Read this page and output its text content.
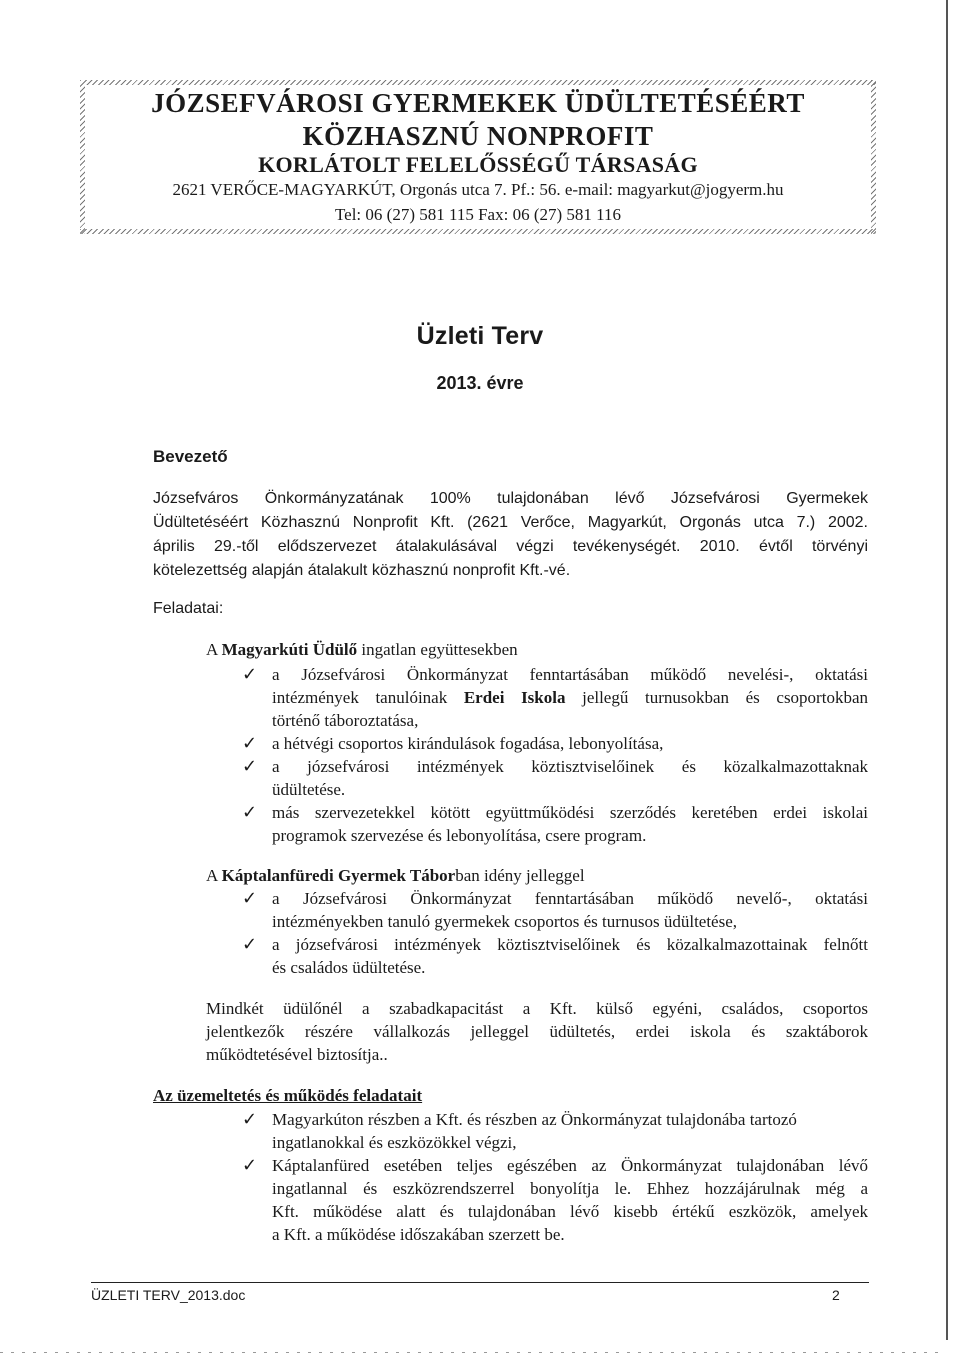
JÓZSEFVÁROSI GYERMEKEK ÜDÜLTETÉSÉÉRT
KÖZHASZNÚ NONPROFIT
KORLÁTOLT FELELŐSSÉGŰ TÁRSASÁG
2621 VERŐCE-MAGYARKÚT, Orgonás utca 7. Pf.: 56. e-mail: magyarkut@jogyerm.hu
Tel: 06 (27) 581 115 Fax: 06 (27) 581 116
Üzleti Terv
2013. évre
Bevezető
Józsefváros Önkormányzatának 100% tulajdonában lévő Józsefvárosi Gyermekek
Üdültetéséért Közhasznú Nonprofit Kft. (2621 Verőce, Magyarkút, Orgonás utca 7.) 2002.
április 29.-től elődszervezet átalakulásával végzi tevékenységét. 2010. évtől törvényi
kötelezettség alapján átalakult közhasznú nonprofit Kft.-vé.
Feladatai:
A Magyarkúti Üdülő ingatlan együttesekben
✓ a Józsefvárosi Önkormányzat fenntartásában működő nevelési-, oktatási
intézmények tanulóinak Erdei Iskola jellegű turnusokban és csoportokban
történő táboroztatása,
✓ a hétvégi csoportos kirándulások fogadása, lebonyolítása,
✓ a józsefvárosi intézmények köztisztviselőinek és közalkalmazottaknak
üdültetése.
✓ más szervezetekkel kötött együttműködési szerződés keretében erdei iskolai
programok szervezése és lebonyolítása, csere program.
A Káptalanfüredi Gyermek Táborban idény jelleggel
✓ a Józsefvárosi Önkormányzat fenntartásában működő nevelő-, oktatási
intézményekben tanuló gyermekek csoportos és turnusos üdültetése,
✓ a józsefvárosi intézmények köztisztviselőinek és közalkalmazottainak felnőtt
és családos üdültetése.
Mindkét üdülőnél a szabadkapacitást a Kft. külső egyéni, családos, csoportos
jelentkezők részére vállalkozás jelleggel üdültetés, erdei iskola és szaktáborok
működtetésével biztosítja..
Az üzemeltetés és működés feladatait
✓ Magyarkúton részben a Kft. és részben az Önkormányzat tulajdonába tartozó
ingatlanokkal és eszközökkel végzi,
✓ Káptalanfüred esetében teljes egészében az Önkormányzat tulajdonában lévő
ingatlannal és eszközrendszerrel bonyolítja le. Ehhez hozzájárulnak még a
Kft. működése alatt és tulajdonában lévő kisebb értékű eszközök, amelyek
a Kft. a működése időszakában szerzett be.
ÜZLETI TERV_2013.doc	2
